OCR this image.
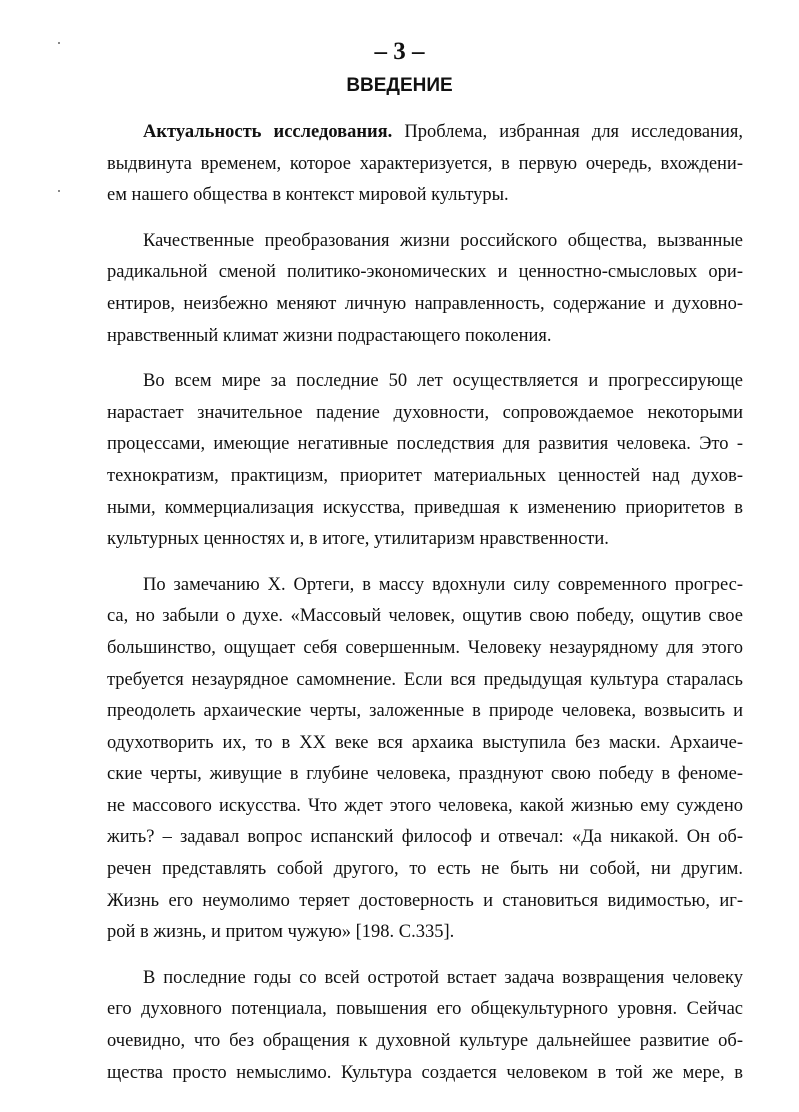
– 3 –
ВВЕДЕНИЕ
Актуальность исследования. Проблема, избранная для исследования,
выдвинута временем, которое характеризуется, в первую очередь, вхождени-
ем нашего общества в контекст мировой культуры.
Качественные преобразования жизни российского общества, вызванные
радикальной сменой политико-экономических и ценностно-смысловых ори-
ентиров, неизбежно меняют личную направленность, содержание и духовно-
нравственный климат жизни подрастающего поколения.
Во всем мире за последние 50 лет осуществляется и прогрессирующе
нарастает значительное падение духовности, сопровождаемое некоторыми
процессами, имеющие негативные последствия для развития человека. Это -
технократизм, практицизм, приоритет материальных ценностей над духов-
ными, коммерциализация искусства, приведшая к изменению приоритетов в
культурных ценностях и, в итоге, утилитаризм нравственности.
По замечанию Х. Ортеги, в массу вдохнули силу современного прогрес-
са, но забыли о духе. «Массовый человек, ощутив свою победу, ощутив свое
большинство, ощущает себя совершенным. Человеку незаурядному для этого
требуется незаурядное самомнение. Если вся предыдущая культура старалась
преодолеть архаические черты, заложенные в природе человека, возвысить и
одухотворить их, то в XX веке вся архаика выступила без маски. Архаиче-
ские черты, живущие в глубине человека, празднуют свою победу в феноме-
не массового искусства. Что ждет этого человека, какой жизнью ему суждено
жить? – задавал вопрос испанский философ и отвечал: «Да никакой. Он об-
речен представлять собой другого, то есть не быть ни собой, ни другим.
Жизнь его неумолимо теряет достоверность и становиться видимостью, иг-
рой в жизнь, и притом чужую» [198. С.335].
В последние годы со всей остротой встает задача возвращения человеку
его духовного потенциала, повышения его общекультурного уровня. Сейчас
очевидно, что без обращения к духовной культуре дальнейшее развитие об-
щества просто немыслимо. Культура создается человеком в той же мере, в
